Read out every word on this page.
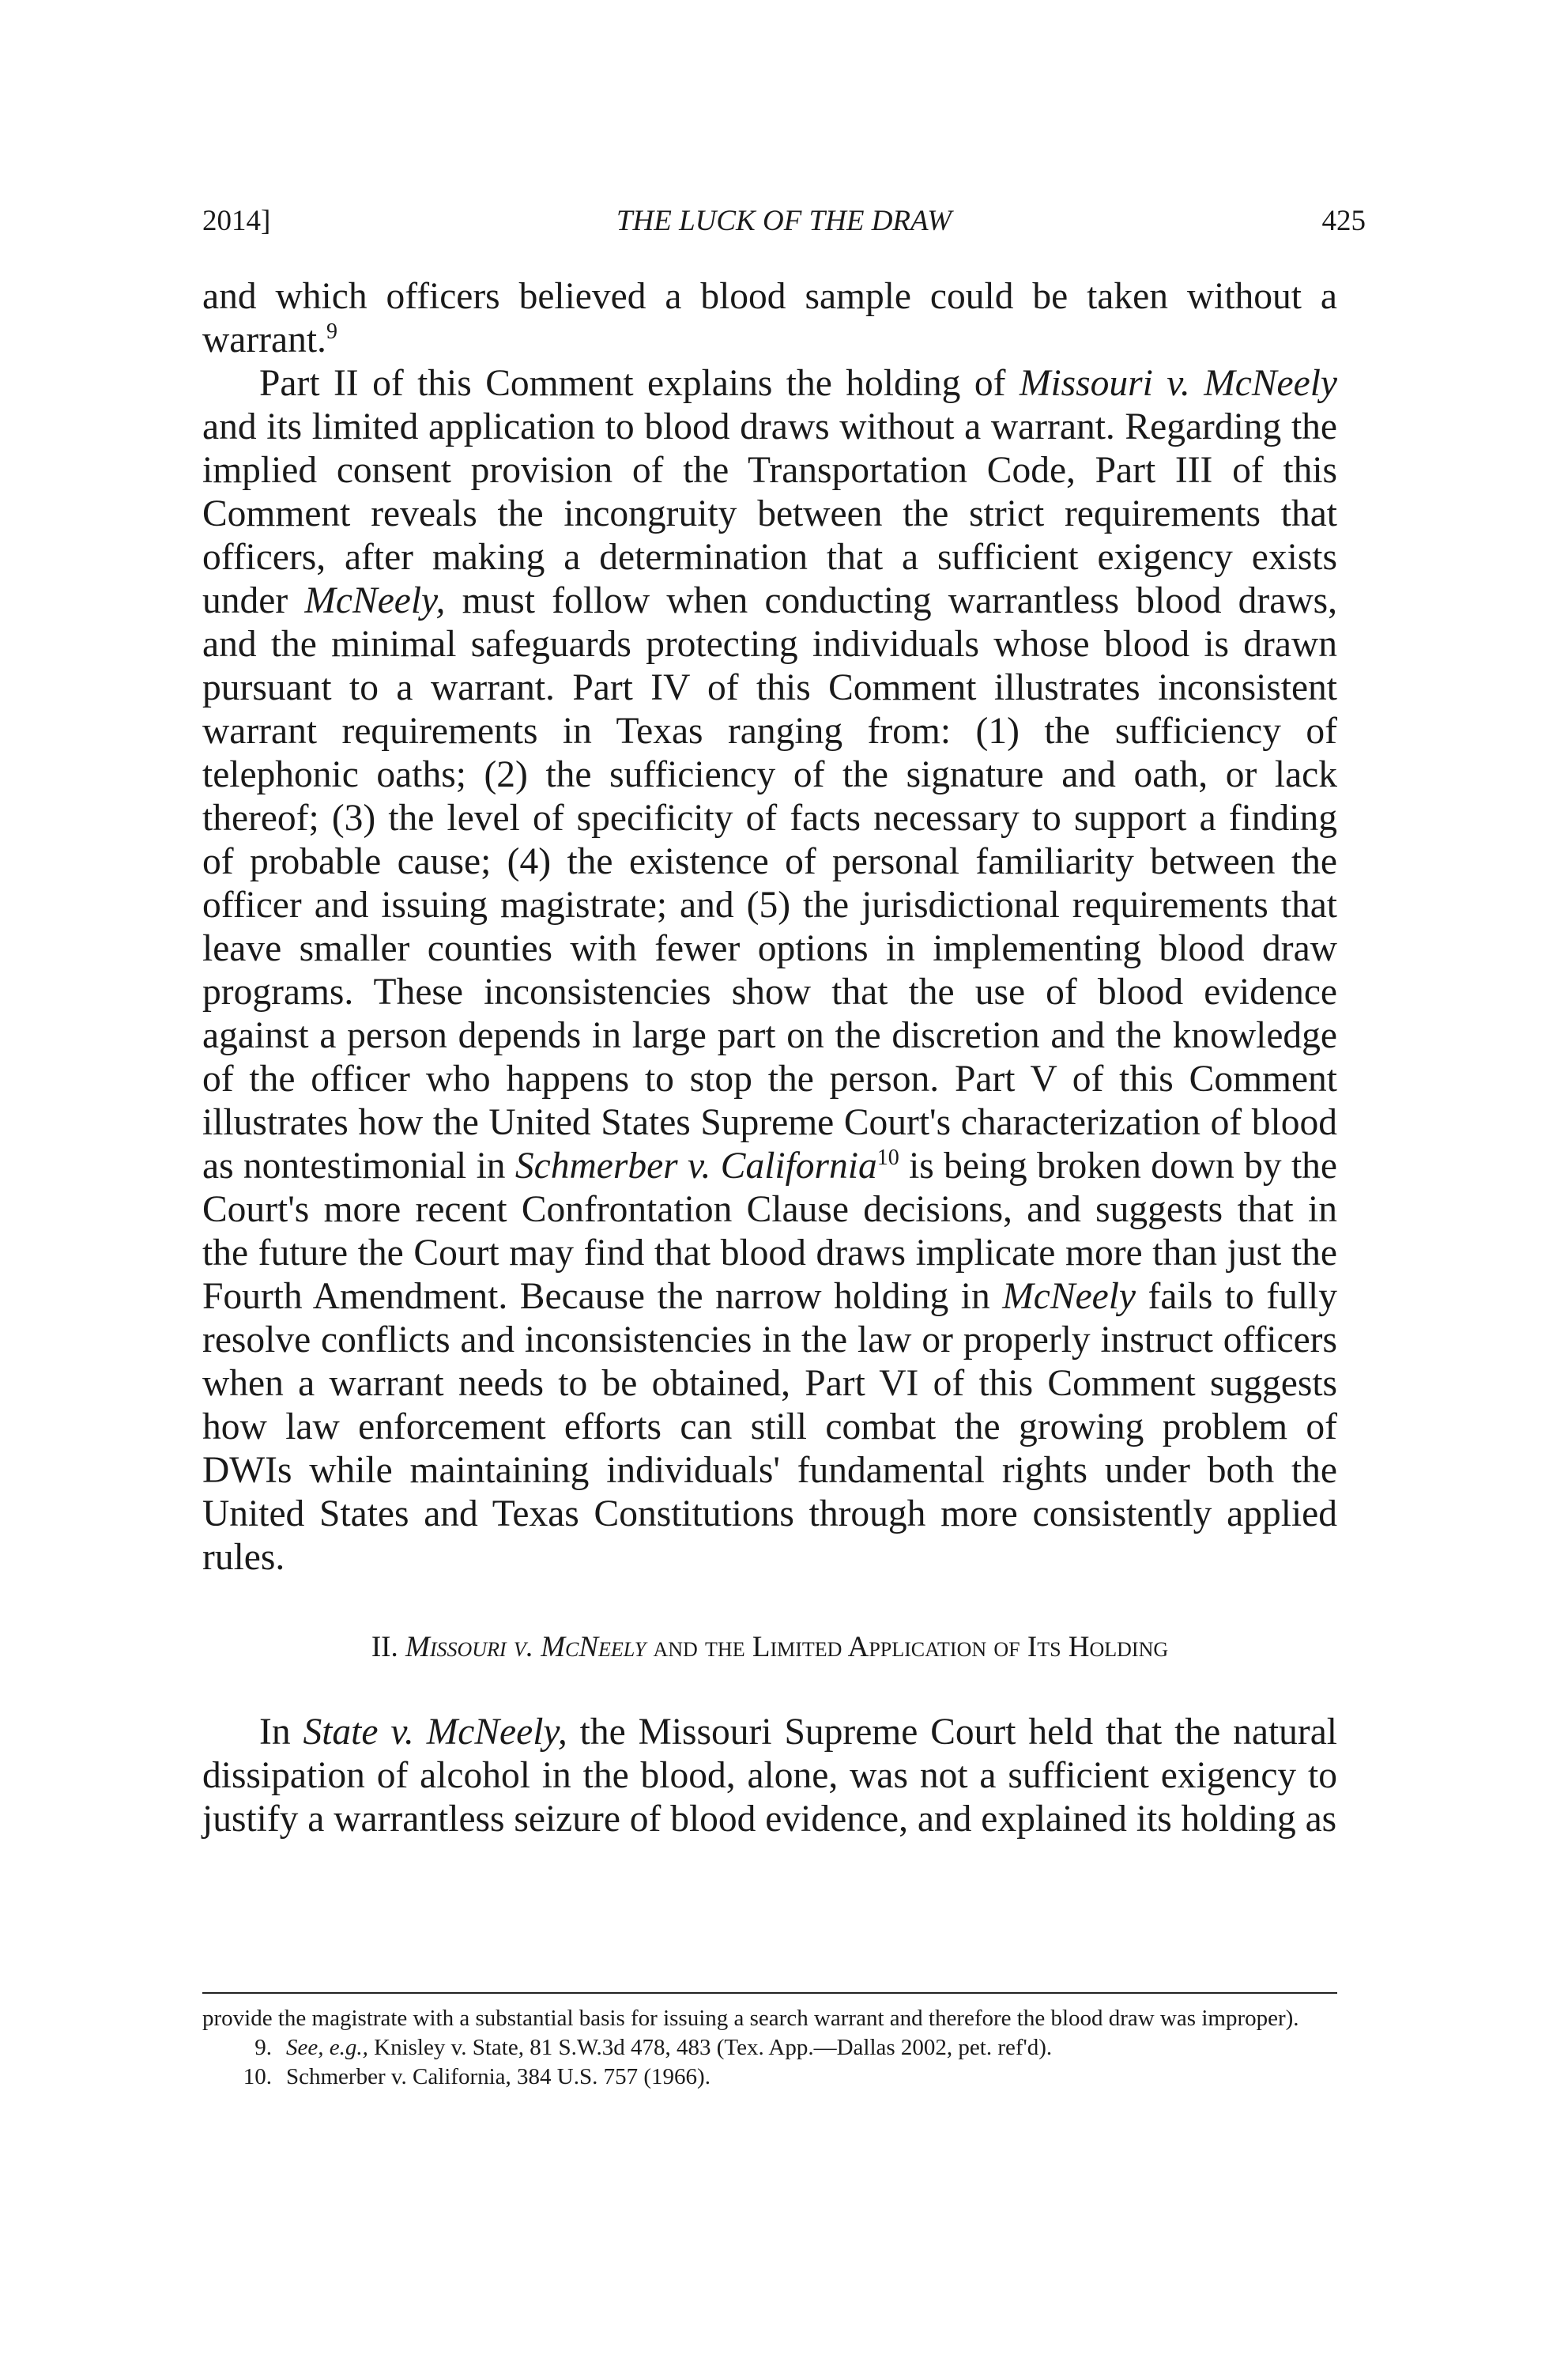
2014]	THE LUCK OF THE DRAW	425

and which officers believed a blood sample could be taken without a warrant.$^9$

Part II of this Comment explains the holding of Missouri v. McNeely and its limited application to blood draws without a warrant. Regarding the implied consent provision of the Transportation Code, Part III of this Comment reveals the incongruity between the strict requirements that officers, after making a determination that a sufficient exigency exists under McNeely, must follow when conducting warrantless blood draws, and the minimal safeguards protecting individuals whose blood is drawn pursuant to a warrant. Part IV of this Comment illustrates inconsistent warrant requirements in Texas ranging from: (1) the sufficiency of telephonic oaths; (2) the sufficiency of the signature and oath, or lack thereof; (3) the level of specificity of facts necessary to support a finding of probable cause; (4) the existence of personal familiarity between the officer and issuing magistrate; and (5) the jurisdictional requirements that leave smaller counties with fewer options in implementing blood draw programs. These inconsistencies show that the use of blood evidence against a person depends in large part on the discretion and the knowledge of the officer who happens to stop the person. Part V of this Comment illustrates how the United States Supreme Court's characterization of blood as nontestimonial in Schmerber v. California$^{10}$ is being broken down by the Court's more recent Confrontation Clause decisions, and suggests that in the future the Court may find that blood draws implicate more than just the Fourth Amendment. Because the narrow holding in McNeely fails to fully resolve conflicts and inconsistencies in the law or properly instruct officers when a warrant needs to be obtained, Part VI of this Comment suggests how law enforcement efforts can still combat the growing problem of DWIs while maintaining individuals' fundamental rights under both the United States and Texas Constitutions through more consistently applied rules.

II. Missouri v. McNeely and the Limited Application of Its Holding

In State v. McNeely, the Missouri Supreme Court held that the natural dissipation of alcohol in the blood, alone, was not a sufficient exigency to justify a warrantless seizure of blood evidence, and explained its holding as

provide the magistrate with a substantial basis for issuing a search warrant and therefore the blood draw was improper).

9. See, e.g., Knisley v. State, 81 S.W.3d 478, 483 (Tex. App.—Dallas 2002, pet. ref'd).

10. Schmerber v. California, 384 U.S. 757 (1966).
